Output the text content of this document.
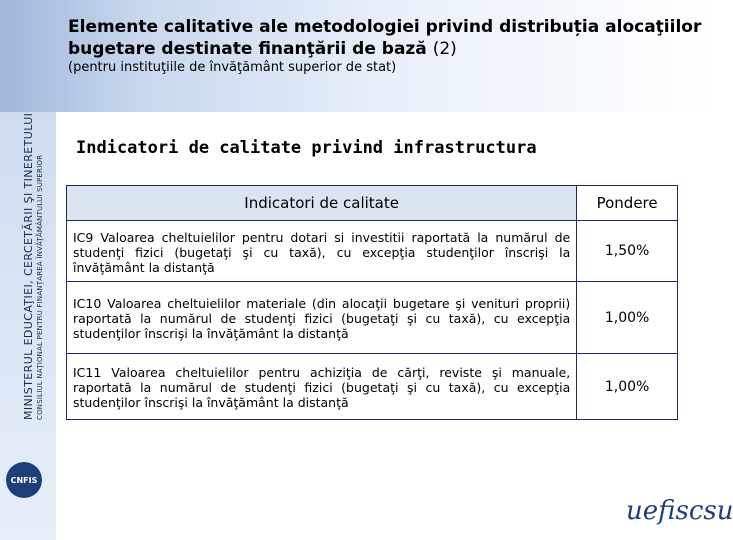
Elemente calitative ale metodologiei privind distribuția alocaţiilor bugetare destinate finanţării de bază (2)
(pentru instituţiile de învăţământ superior de stat)
MINISTERUL EDUCAŢIEI, CERCETĂRII ŞI TINERETULUI CONSILIUL NAŢIONAL PENTRU FINANŢAREA ÎNVĂŢĂMÂNTULUI SUPERIOR
CNFIS
Indicatori de calitate privind infrastructura
Indicatori de calitate	Pondere
IC9 Valoarea cheltuielilor pentru dotari si investitii raportată la numărul de studenţi fizici (bugetaţi şi cu taxă), cu excepţia studenţilor înscrişi la învăţământ la distanţă	1,50%
IC10 Valoarea cheltuielilor materiale (din alocaţii bugetare şi venituri proprii) raportată la numărul de studenţi fizici (bugetaţi şi cu taxă), cu excepţia studenţilor înscrişi la învăţământ la distanţă	1,00%
IC11 Valoarea cheltuielilor pentru achiziţia de cărţi, reviste şi manuale, raportată la numărul de studenţi fizici (bugetaţi şi cu taxă), cu excepţia studenţilor înscrişi la învăţământ la distanţă	1,00%
uefiscsu
